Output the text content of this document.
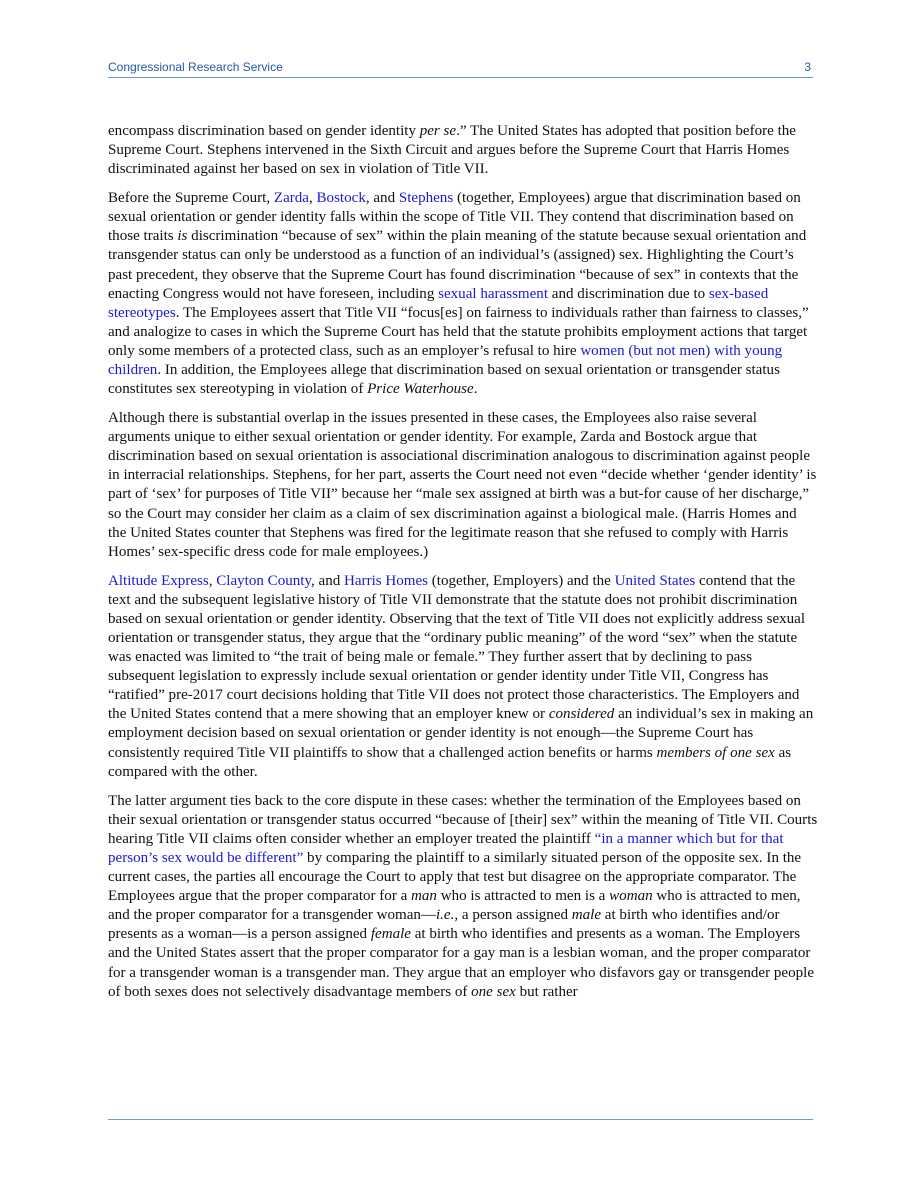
Congressional Research Service	3

encompass discrimination based on gender identity per se.” The United States has adopted that position before the Supreme Court. Stephens intervened in the Sixth Circuit and argues before the Supreme Court that Harris Homes discriminated against her based on sex in violation of Title VII.

Before the Supreme Court, Zarda, Bostock, and Stephens (together, Employees) argue that discrimination based on sexual orientation or gender identity falls within the scope of Title VII. They contend that discrimination based on those traits is discrimination “because of sex” within the plain meaning of the statute because sexual orientation and transgender status can only be understood as a function of an individual’s (assigned) sex. Highlighting the Court’s past precedent, they observe that the Supreme Court has found discrimination “because of sex” in contexts that the enacting Congress would not have foreseen, including sexual harassment and discrimination due to sex-based stereotypes. The Employees assert that Title VII “focus[es] on fairness to individuals rather than fairness to classes,” and analogize to cases in which the Supreme Court has held that the statute prohibits employment actions that target only some members of a protected class, such as an employer’s refusal to hire women (but not men) with young children. In addition, the Employees allege that discrimination based on sexual orientation or transgender status constitutes sex stereotyping in violation of Price Waterhouse.

Although there is substantial overlap in the issues presented in these cases, the Employees also raise several arguments unique to either sexual orientation or gender identity. For example, Zarda and Bostock argue that discrimination based on sexual orientation is associational discrimination analogous to discrimination against people in interracial relationships. Stephens, for her part, asserts the Court need not even “decide whether ‘gender identity’ is part of ‘sex’ for purposes of Title VII” because her “male sex assigned at birth was a but-for cause of her discharge,” so the Court may consider her claim as a claim of sex discrimination against a biological male. (Harris Homes and the United States counter that Stephens was fired for the legitimate reason that she refused to comply with Harris Homes’ sex-specific dress code for male employees.)

Altitude Express, Clayton County, and Harris Homes (together, Employers) and the United States contend that the text and the subsequent legislative history of Title VII demonstrate that the statute does not prohibit discrimination based on sexual orientation or gender identity. Observing that the text of Title VII does not explicitly address sexual orientation or transgender status, they argue that the “ordinary public meaning” of the word “sex” when the statute was enacted was limited to “the trait of being male or female.” They further assert that by declining to pass subsequent legislation to expressly include sexual orientation or gender identity under Title VII, Congress has “ratified” pre-2017 court decisions holding that Title VII does not protect those characteristics. The Employers and the United States contend that a mere showing that an employer knew or considered an individual’s sex in making an employment decision based on sexual orientation or gender identity is not enough—the Supreme Court has consistently required Title VII plaintiffs to show that a challenged action benefits or harms members of one sex as compared with the other.

The latter argument ties back to the core dispute in these cases: whether the termination of the Employees based on their sexual orientation or transgender status occurred “because of [their] sex” within the meaning of Title VII. Courts hearing Title VII claims often consider whether an employer treated the plaintiff “in a manner which but for that person’s sex would be different” by comparing the plaintiff to a similarly situated person of the opposite sex. In the current cases, the parties all encourage the Court to apply that test but disagree on the appropriate comparator. The Employees argue that the proper comparator for a man who is attracted to men is a woman who is attracted to men, and the proper comparator for a transgender woman—i.e., a person assigned male at birth who identifies and/or presents as a woman—is a person assigned female at birth who identifies and presents as a woman. The Employers and the United States assert that the proper comparator for a gay man is a lesbian woman, and the proper comparator for a transgender woman is a transgender man. They argue that an employer who disfavors gay or transgender people of both sexes does not selectively disadvantage members of one sex but rather
